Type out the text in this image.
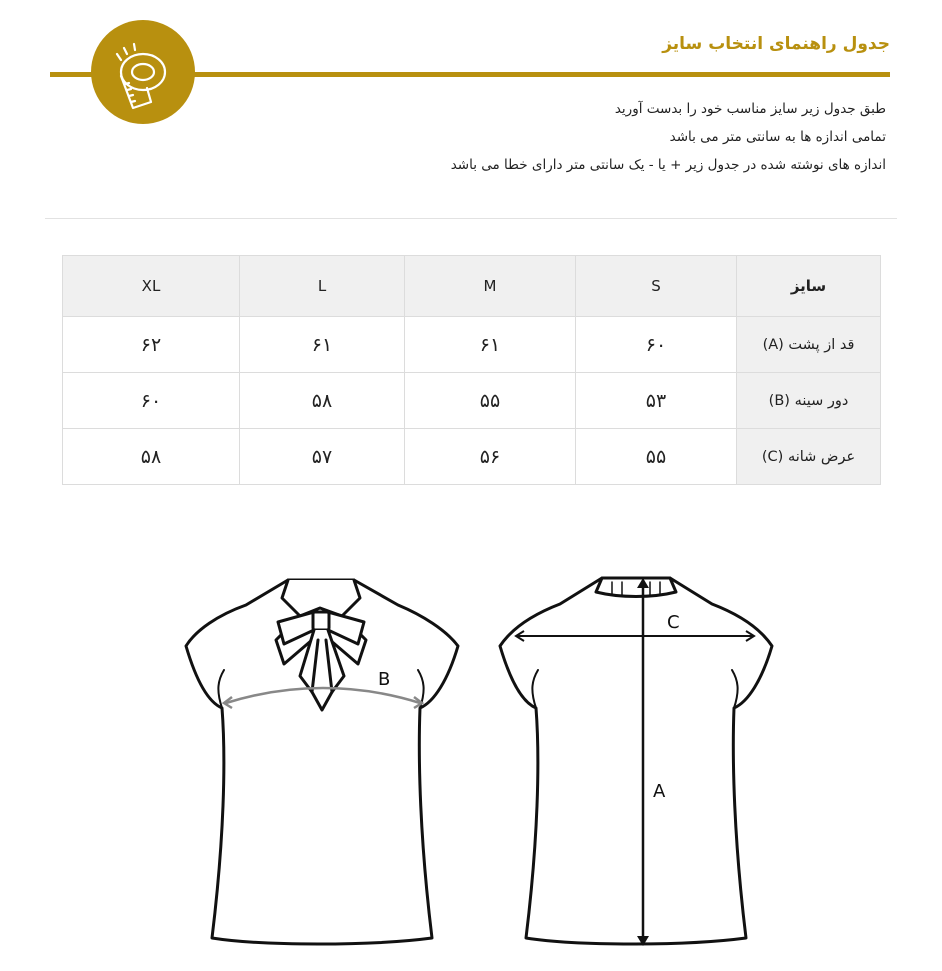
جدول راهنمای انتخاب سایز
طبق جدول زیر سایز مناسب خود را بدست آورید
تمامی اندازه ها به سانتی متر می باشد
اندازه های نوشته شده در جدول زیر + یا - یک سانتی متر دارای خطا می باشد
سایز	S	M	L	XL
قد از پشت (A)	۶۰	۶۱	۶۱	۶۲
دور سینه (B)	۵۳	۵۵	۵۸	۶۰
عرض شانه (C)	۵۵	۵۶	۵۷	۵۸
B
C
A
